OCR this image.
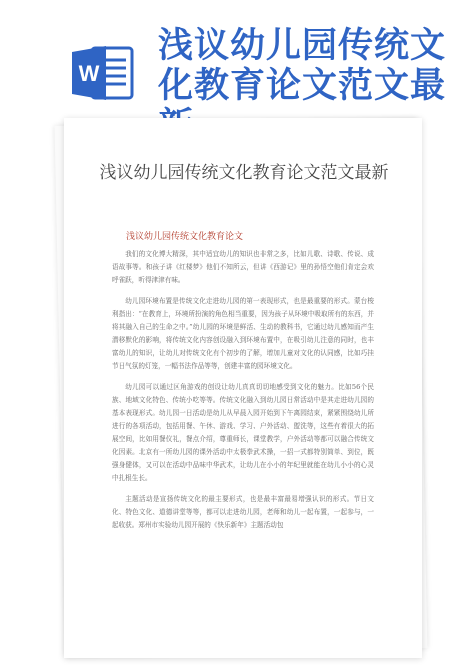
W
浅议幼儿园传统文化教育论文范文最
浅议幼儿园传统文化教育论文范文最新
浅议幼儿园传统文化教育论文

我们的文化博大精深，其中适宜幼儿的知识也非常之多，比如儿歌、诗歌、传说、成语故事等。和孩子讲《红楼梦》他们不知所云，但讲《西游记》里的孙悟空他们肯定会欢呼雀跃，听得津津有味。

幼儿园环境布置是传统文化走进幼儿园的第一表现形式，也是最重要的形式。蒙台梭利指出：“在教育上，环境所扮演的角色相当重要，因为孩子从环境中吸取所有的东西，并将其融入自己的生命之中。”幼儿园的环境是鲜活、生动的教科书，它通过幼儿感知而产生潜移默化的影响，将传统文化内容创设融入到环境布置中，在吸引幼儿注意的同时，也丰富幼儿的知识，让幼儿对传统文化有个初步的了解，增加儿童对文化的认同感，比如巧挂节日气氛的灯笼，一幅书法作品等等，创建丰富的园环境文化。

幼儿园可以通过区角游戏的创设让幼儿真真切切地感受到文化的魅力。比如56个民族、地域文化特色、传统小吃等等。传统文化融入到幼儿园日常活动中是其走进幼儿园的基本表现形式。幼儿园一日活动是幼儿从早晨入园开始到下午离园结束，紧紧围绕幼儿所进行的各项活动，包括用餐、午休、游戏、学习、户外活动、盥洗等，这些有着很大的拓展空间，比如用餐仪礼，餐点介绍，尊重师长，课堂教学，户外活动等都可以融合传统文化因素。北京有一所幼儿园的课外活动中太极拳武术操，一招一式都特别简单、到位，既强身健体，又可以在活动中品味中华武术，让幼儿在小小的年纪里就能在幼儿小小的心灵中扎根生长。

主题活动是宣扬传统文化的最主要形式，也是最丰富最易增强认识的形式。节日文化、特色文化、道德讲堂等等，都可以走进幼儿园，老师和幼儿一起布置，一起参与，一起收获。郑州市实验幼儿园开展的《快乐新年》主题活动包
